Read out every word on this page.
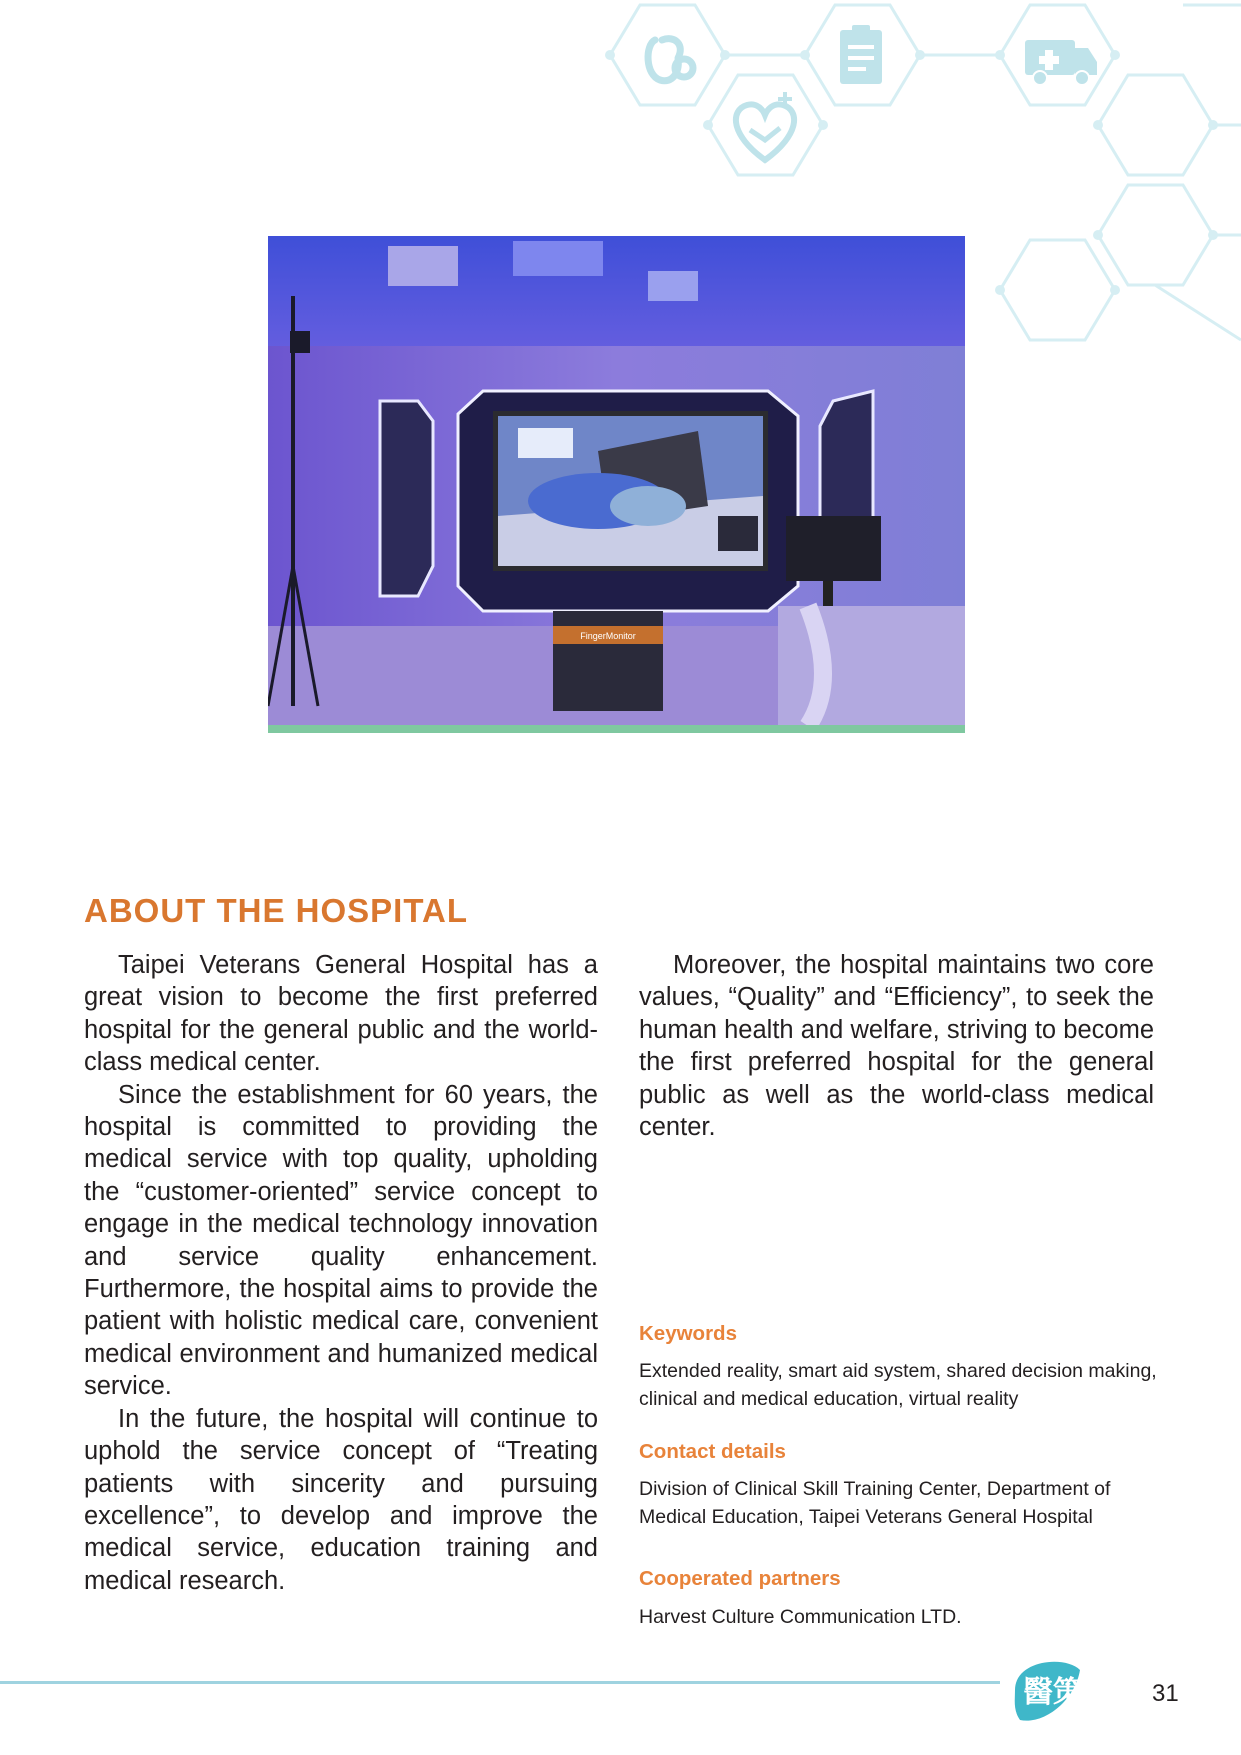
FingerMonitor
ABOUT THE HOSPITAL

Taipei Veterans General Hospital has a great vision to become the first preferred hospital for the general public and the world-class medical center.

Since the establishment for 60 years, the hospital is committed to providing the medical service with top quality, upholding the “customer-oriented” service concept to engage in the medical technology innovation and service quality enhancement. Furthermore, the hospital aims to provide the patient with holistic medical care, convenient medical environment and humanized medical service.

In the future, the hospital will continue to uphold the service concept of “Treating patients with sincerity and pursuing excellence”, to develop and improve the medical service, education training and medical research.

Moreover, the hospital maintains two core values, “Quality” and “Efficiency”, to seek the human health and welfare, striving to become the first preferred hospital for the general public as well as the world-class medical center.

Keywords

Extended reality, smart aid system, shared decision making, clinical and medical education, virtual reality

Contact details

Division of Clinical Skill Training Center, Department of Medical Education, Taipei Veterans General Hospital

Cooperated partners

Harvest Culture Communication LTD.

醫策會 31
